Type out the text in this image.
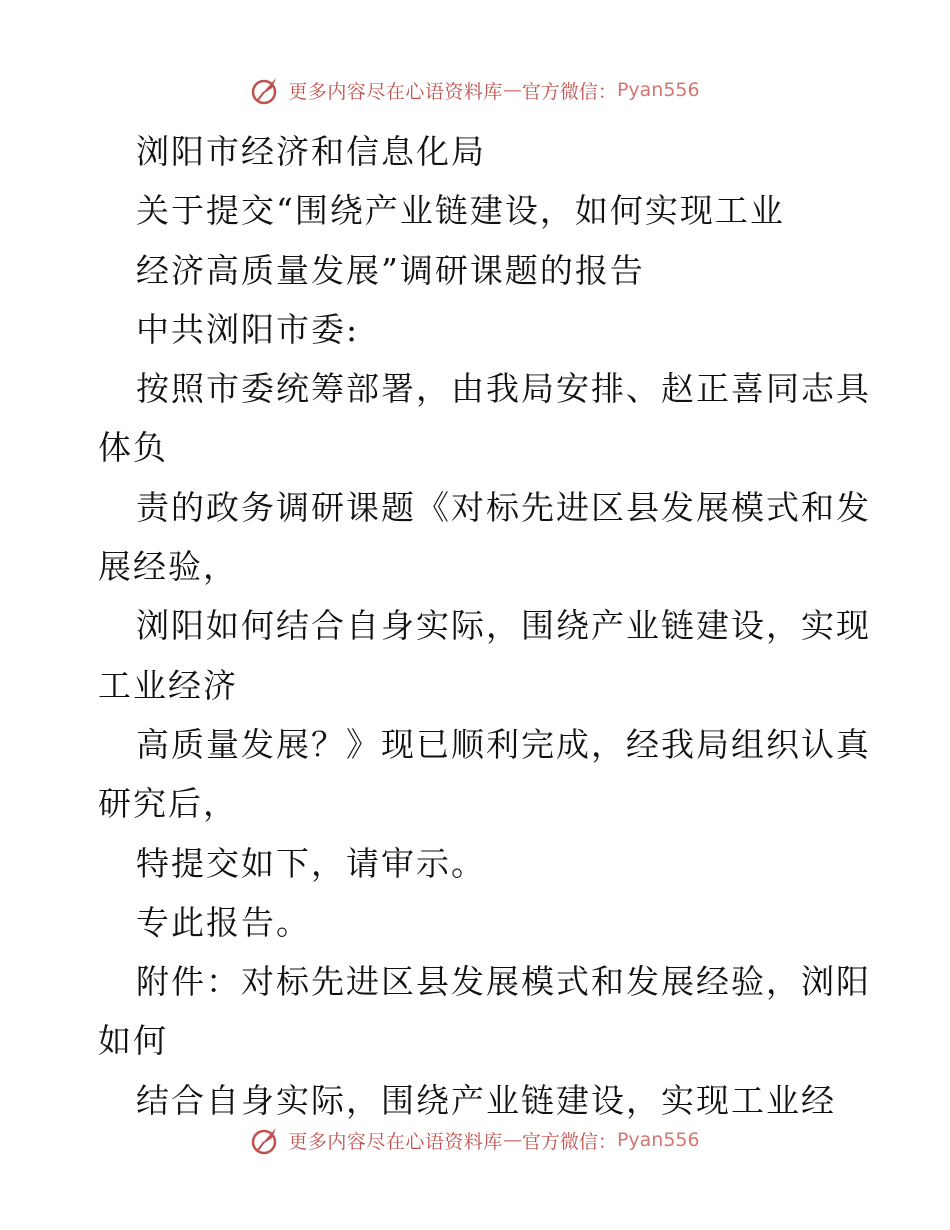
更多内容尽在心语资料库 — 官方微信： Pyan556
浏阳市经济和信息化局
关于提交“围绕产业链建设，如何实现工业
经济高质量发展”调研课题的报告
中共浏阳市委:
按照市委统筹部署，由我局安排、赵正喜同志具
体负
责的政务调研课题《对标先进区县发展模式和发
展经验，
浏阳如何结合自身实际，围绕产业链建设，实现
工业经济
高质量发展？》现已顺利完成，经我局组织认真
研究后，
特提交如下，请审示。
专此报告。
附件：对标先进区县发展模式和发展经验，浏阳
如何
结合自身实际，围绕产业链建设，实现工业经
更多内容尽在心语资料库 — 官方微信： Pyan556
